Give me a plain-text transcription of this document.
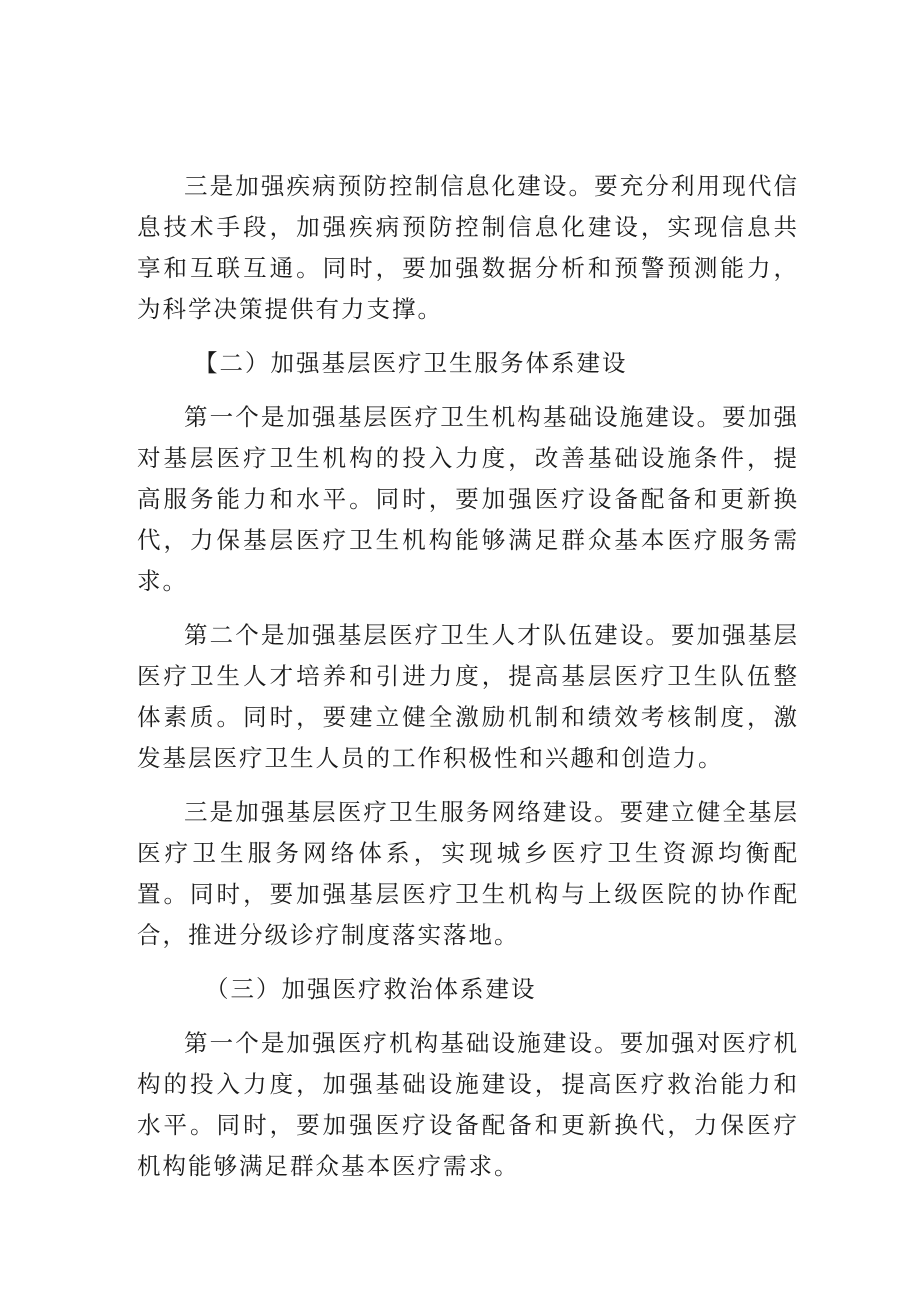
三是加强疾病预防控制信息化建设。要充分利用现代信息技术手段，加强疾病预防控制信息化建设，实现信息共享和互联互通。同时，要加强数据分析和预警预测能力，为科学决策提供有力支撑。

【二）加强基层医疗卫生服务体系建设

第一个是加强基层医疗卫生机构基础设施建设。要加强对基层医疗卫生机构的投入力度，改善基础设施条件，提高服务能力和水平。同时，要加强医疗设备配备和更新换代，力保基层医疗卫生机构能够满足群众基本医疗服务需求。

第二个是加强基层医疗卫生人才队伍建设。要加强基层医疗卫生人才培养和引进力度，提高基层医疗卫生队伍整体素质。同时，要建立健全激励机制和绩效考核制度，激发基层医疗卫生人员的工作积极性和兴趣和创造力。

三是加强基层医疗卫生服务网络建设。要建立健全基层医疗卫生服务网络体系，实现城乡医疗卫生资源均衡配置。同时，要加强基层医疗卫生机构与上级医院的协作配合，推进分级诊疗制度落实落地。

（三）加强医疗救治体系建设

第一个是加强医疗机构基础设施建设。要加强对医疗机构的投入力度，加强基础设施建设，提高医疗救治能力和水平。同时，要加强医疗设备配备和更新换代，力保医疗机构能够满足群众基本医疗需求。
